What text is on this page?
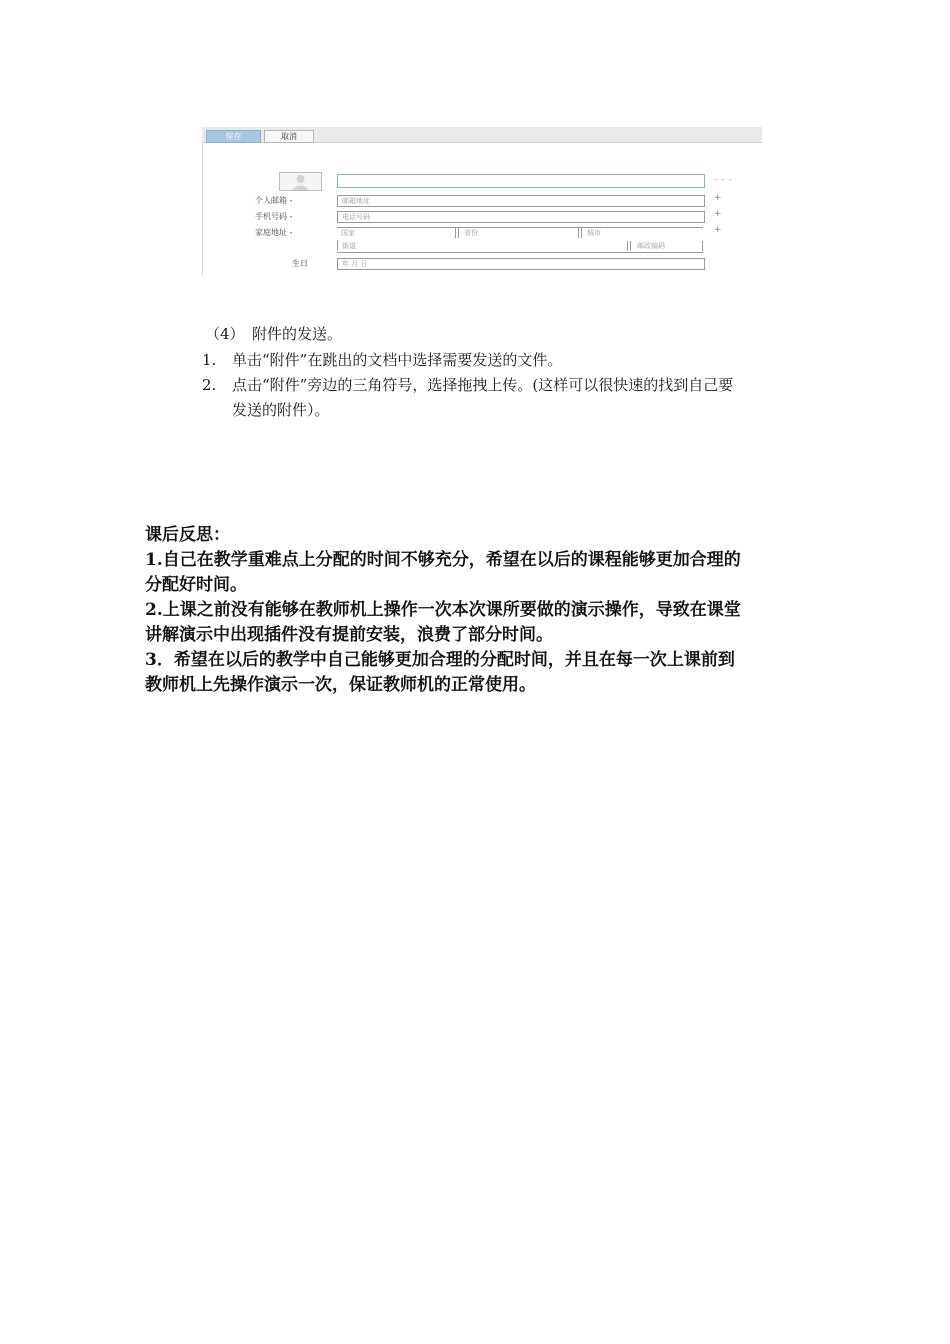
保存	取消
- - -
个人邮箱 -	邮箱地址	+
手机号码 -	电话号码	+
家庭地址 -	国家	省份	城市	+
街道	邮政编码
生日	年 月 日
（4）　附件的发送。
1. 单击“附件”在跳出的文档中选择需要发送的文件。
2. 点击“附件”旁边的三角符号，选择拖拽上传。(这样可以很快速的找到自己要
发送的附件）。
课后反思：
1.自己在教学重难点上分配的时间不够充分，希望在以后的课程能够更加合理的
分配好时间。
2.上课之前没有能够在教师机上操作一次本次课所要做的演示操作，导致在课堂
讲解演示中出现插件没有提前安装，浪费了部分时间。
3．希望在以后的教学中自己能够更加合理的分配时间，并且在每一次上课前到
教师机上先操作演示一次，保证教师机的正常使用。
